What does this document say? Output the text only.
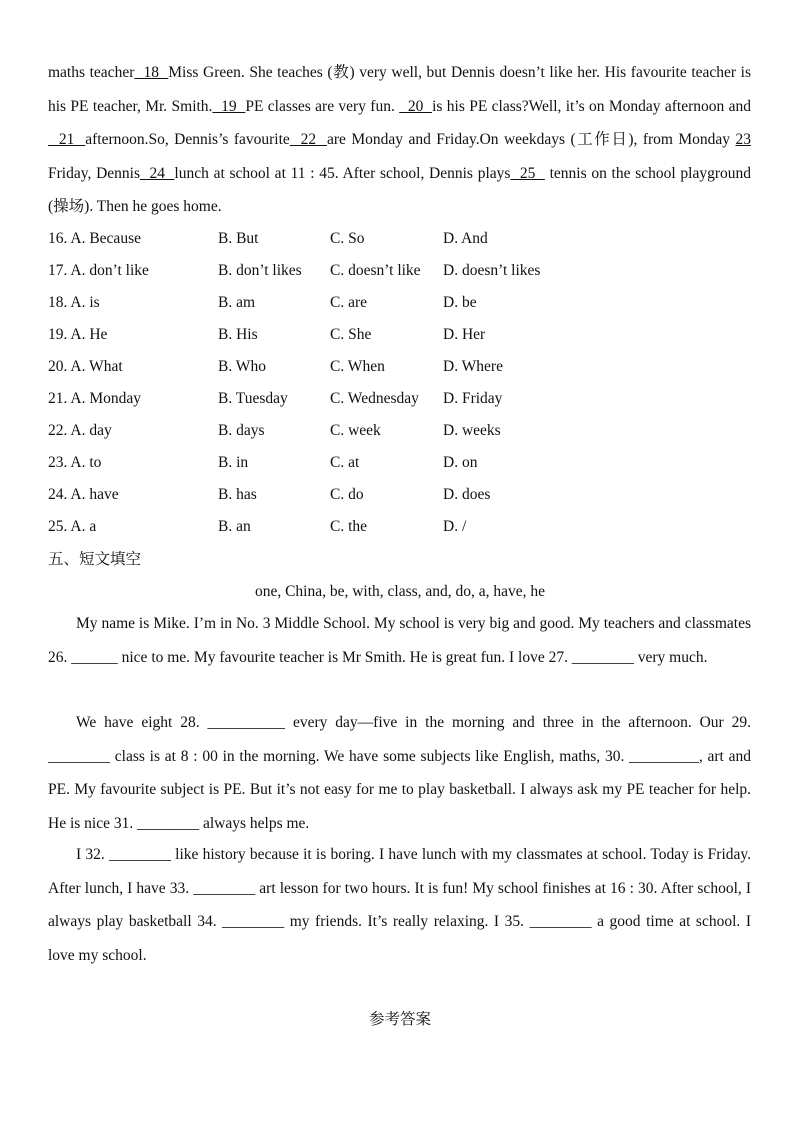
maths teacher  18  Miss Green. She teaches (教) very well, but Dennis doesn’t like her. His favourite teacher is his PE teacher, Mr. Smith.  19  PE classes are very fun.   20  is his PE class?Well, it’s on Monday afternoon and  21  afternoon.So, Dennis’s favourite  22  are Monday and Friday.On weekdays (工作日), from Monday 23 Friday, Dennis  24  lunch at school at 11 : 45. After school, Dennis plays  25   tennis on the school playground (操场). Then he goes home.
16. A. Because	B. But	C. So	D. And
17. A. don’t like	B. don’t likes C. doesn’t like D. doesn’t likes
18. A. is	B. am	C. are	D. be
19. A. He	B. His	C. She	D. Her
20. A. What	B. Who	C. When	D. Where
21. A. Monday	B. Tuesday	C. Wednesday D. Friday
22. A. day	B. days	C. week	D. weeks
23. A. to	B. in	C. at	D. on
24. A. have	B. has	C. do	D. does
25. A. a	B. an	C. the	D. /
五、短文填空
one, China, be, with, class, and, do, a, have, he
My name is Mike. I’m in No. 3 Middle School. My school is very big and good. My teachers and classmates 26. ______ nice to me. My favourite teacher is Mr Smith. He is great fun. I love 27. ________ very much.
We have eight 28. __________ every day—five in the morning and three in the afternoon. Our 29. ________ class is at 8 : 00 in the morning. We have some subjects like English, maths, 30. _________, art and PE. My favourite subject is PE. But it’s not easy for me to play basketball. I always ask my PE teacher for help. He is nice 31. ________ always helps me.
I 32. ________ like history because it is boring. I have lunch with my classmates at school. Today is Friday. After lunch, I have 33. ________ art lesson for two hours. It is fun! My school finishes at 16 : 30. After school, I always play basketball 34. ________ my friends. It’s really relaxing. I 35. ________ a good time at school. I love my school.
参考答案
